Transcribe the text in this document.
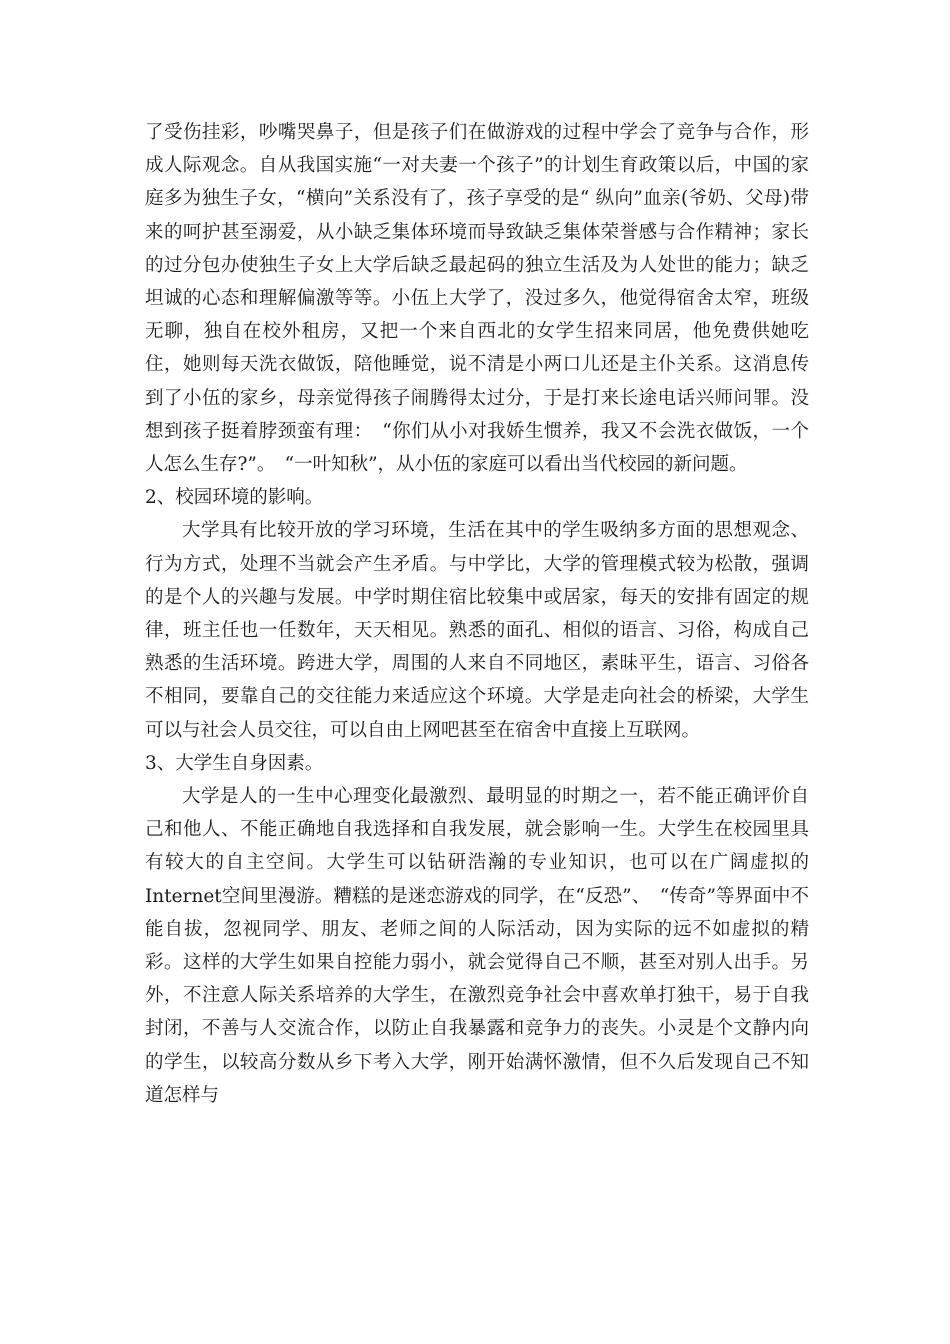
了受伤挂彩，吵嘴哭鼻子，但是孩子们在做游戏的过程中学会了竞争与合作，形成人际观念。自从我国实施“一对夫妻一个孩子”的计划生育政策以后，中国的家庭多为独生子女，“横向”关系没有了，孩子享受的是“ 纵向”血亲(爷奶、父母)带来的呵护甚至溺爱，从小缺乏集体环境而导致缺乏集体荣誉感与合作精神；家长的过分包办使独生子女上大学后缺乏最起码的独立生活及为人处世的能力；缺乏坦诚的心态和理解偏激等等。小伍上大学了，没过多久，他觉得宿舍太窄，班级无聊，独自在校外租房，又把一个来自西北的女学生招来同居，他免费供她吃住，她则每天洗衣做饭，陪他睡觉，说不清是小两口儿还是主仆关系。这消息传到了小伍的家乡，母亲觉得孩子闹腾得太过分，于是打来长途电话兴师问罪。没想到孩子挺着脖颈蛮有理：　“你们从小对我娇生惯养，我又不会洗衣做饭，一个人怎么生存?”。　“一叶知秋”，从小伍的家庭可以看出当代校园的新问题。

2、校园环境的影响。

大学具有比较开放的学习环境，生活在其中的学生吸纳多方面的思想观念、行为方式，处理不当就会产生矛盾。与中学比，大学的管理模式较为松散，强调的是个人的兴趣与发展。中学时期住宿比较集中或居家，每天的安排有固定的规律，班主任也一任数年，天天相见。熟悉的面孔、相似的语言、习俗，构成自己熟悉的生活环境。跨进大学，周围的人来自不同地区，素昧平生，语言、习俗各不相同，要靠自己的交往能力来适应这个环境。大学是走向社会的桥梁，大学生可以与社会人员交往，可以自由上网吧甚至在宿舍中直接上互联网。

3、大学生自身因素。

大学是人的一生中心理变化最激烈、最明显的时期之一，若不能正确评价自己和他人、不能正确地自我选择和自我发展，就会影响一生。大学生在校园里具有较大的自主空间。大学生可以钻研浩瀚的专业知识，也可以在广阔虚拟的Internet空间里漫游。糟糕的是迷恋游戏的同学，在“反恐”、　“传奇”等界面中不能自拔，忽视同学、朋友、老师之间的人际活动，因为实际的远不如虚拟的精彩。这样的大学生如果自控能力弱小，就会觉得自己不顺，甚至对别人出手。另外，不注意人际关系培养的大学生，在激烈竞争社会中喜欢单打独干，易于自我封闭，不善与人交流合作，以防止自我暴露和竞争力的丧失。小灵是个文静内向的学生，以较高分数从乡下考入大学，刚开始满怀激情，但不久后发现自己不知道怎样与
